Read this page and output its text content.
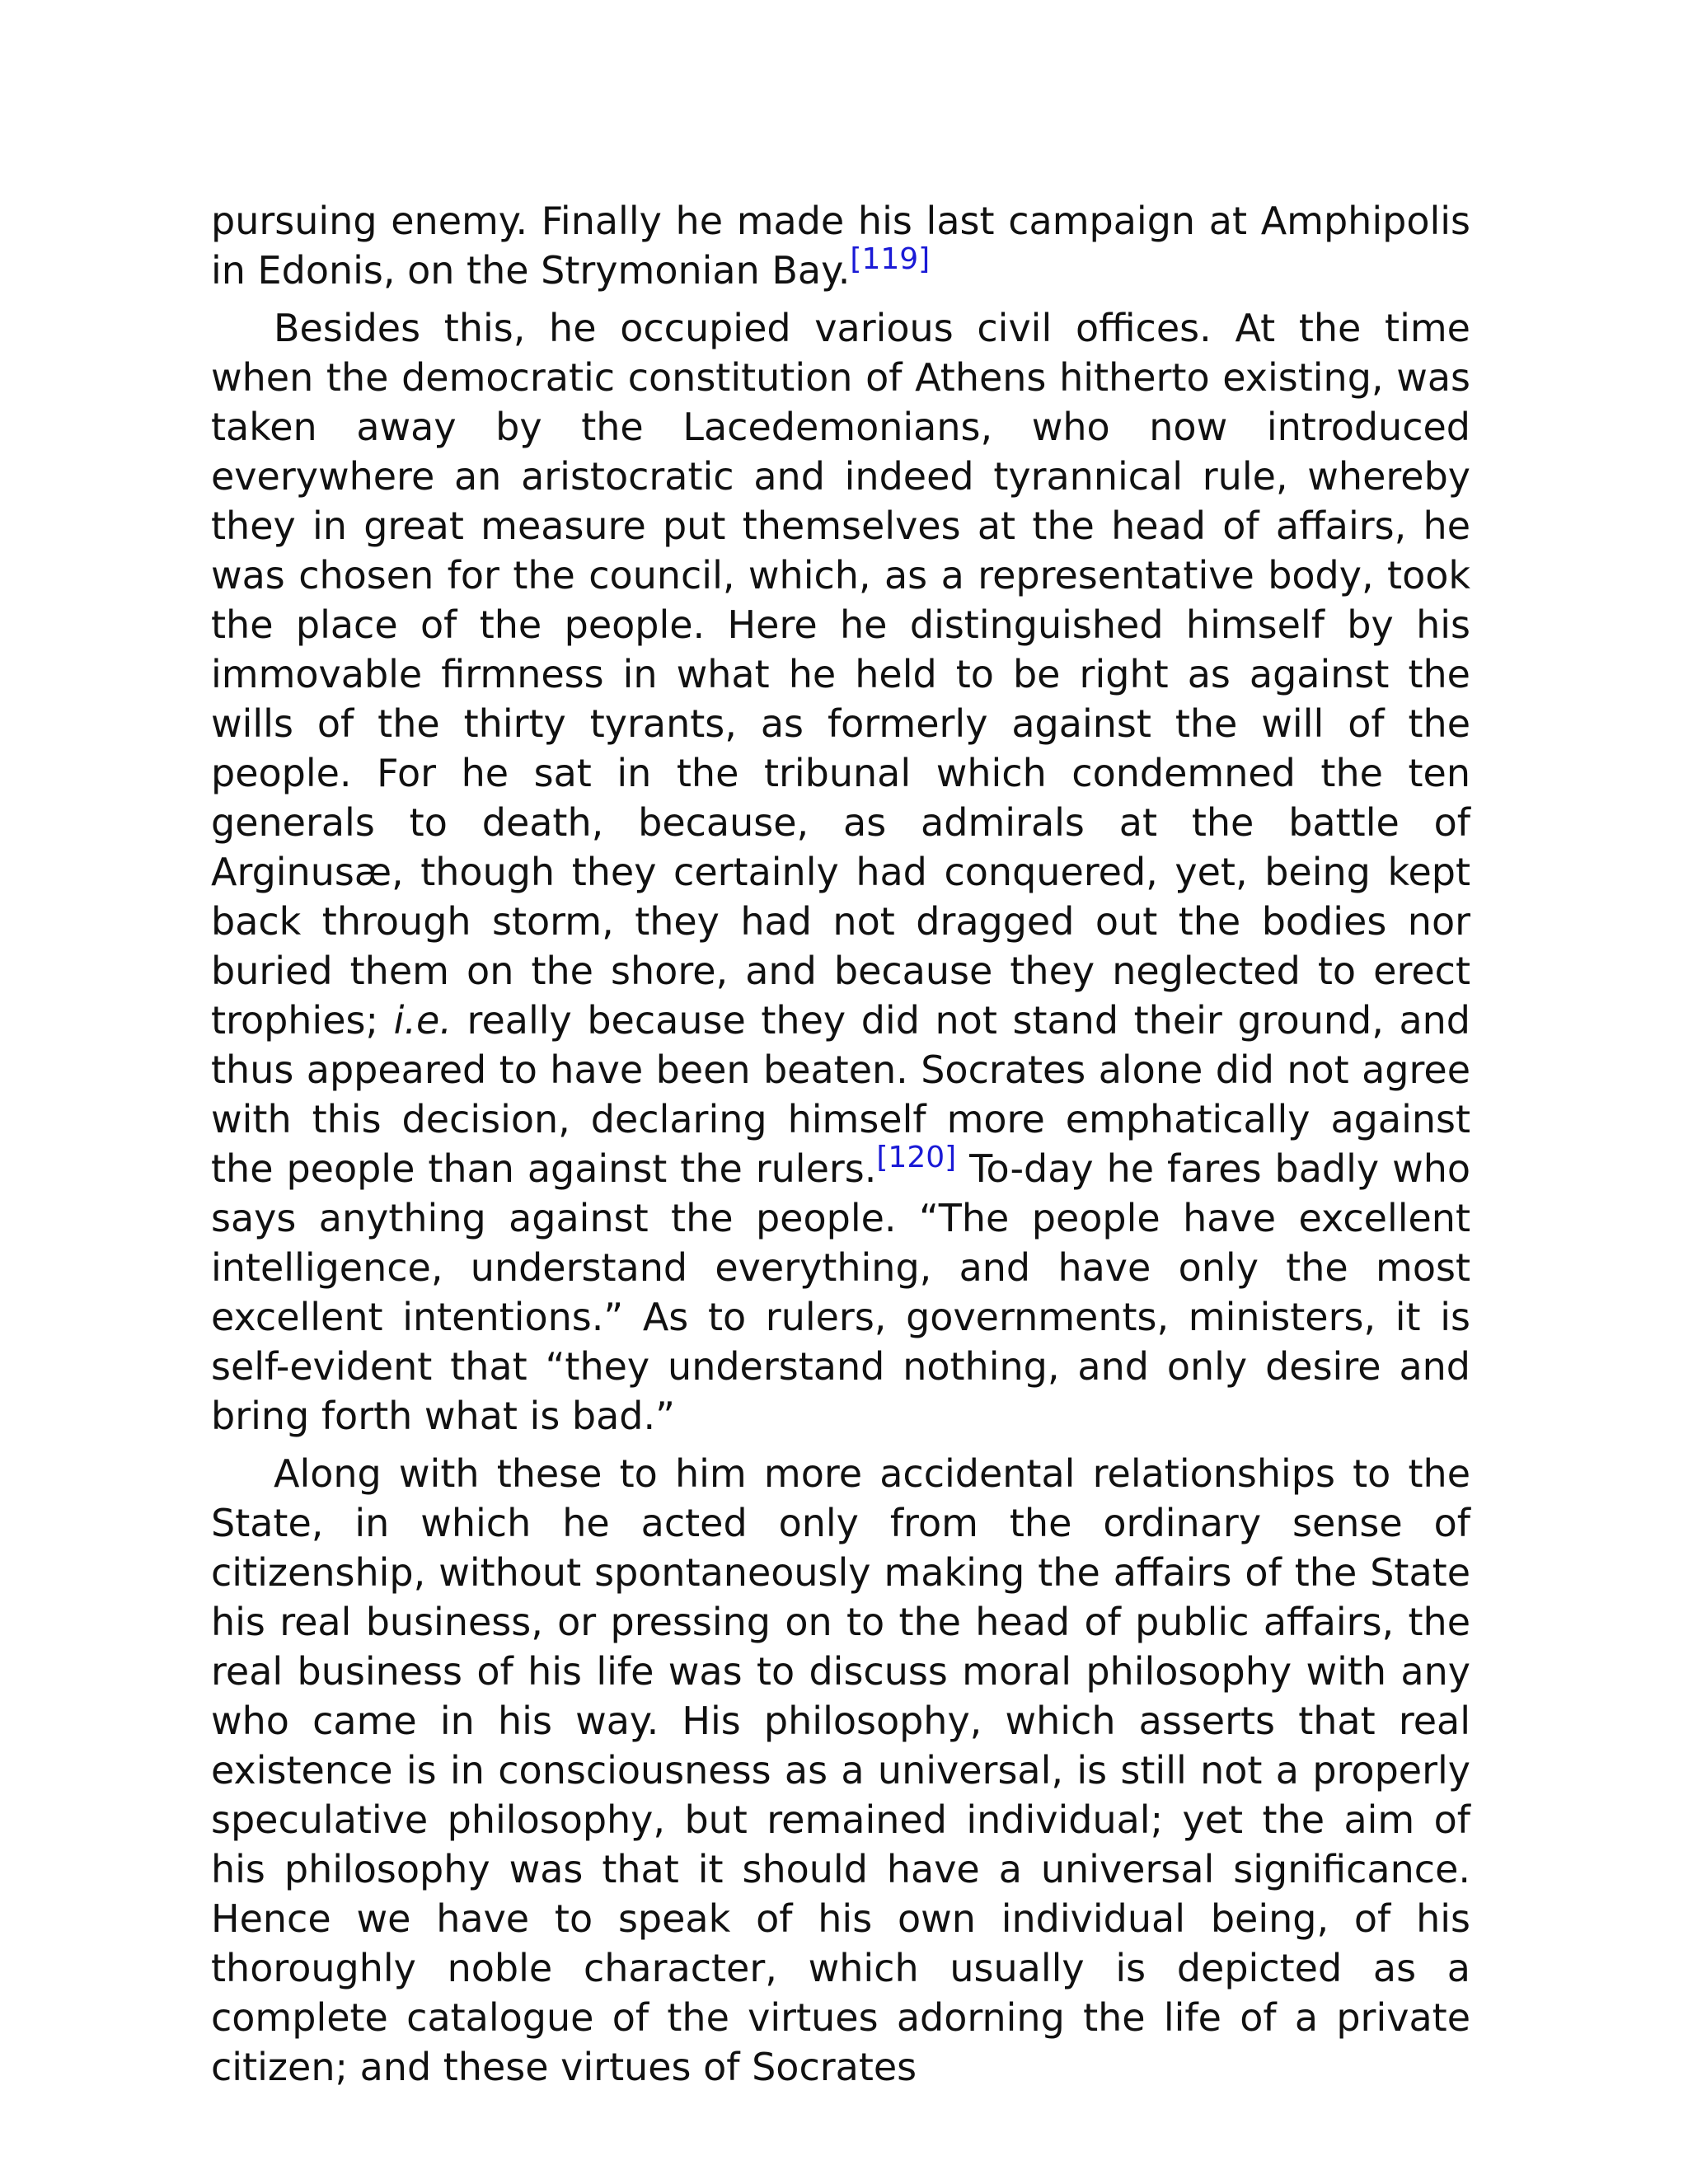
pursuing enemy. Finally he made his last campaign at Amphipolis in Edonis, on the Strymonian Bay.[119]

Besides this, he occupied various civil offices. At the time when the democratic constitution of Athens hitherto existing, was taken away by the Lacedemonians, who now introduced everywhere an aristocratic and indeed tyrannical rule, whereby they in great measure put themselves at the head of affairs, he was chosen for the council, which, as a representative body, took the place of the people. Here he distinguished himself by his immovable firmness in what he held to be right as against the wills of the thirty tyrants, as formerly against the will of the people. For he sat in the tribunal which condemned the ten generals to death, because, as admirals at the battle of Arginusæ, though they certainly had conquered, yet, being kept back through storm, they had not dragged out the bodies nor buried them on the shore, and because they neglected to erect trophies; i.e. really because they did not stand their ground, and thus appeared to have been beaten. Socrates alone did not agree with this decision, declaring himself more emphatically against the people than against the rulers.[120] To-day he fares badly who says anything against the people. “The people have excellent intelligence, understand everything, and have only the most excellent intentions.” As to rulers, governments, ministers, it is self-evident that “they understand nothing, and only desire and bring forth what is bad.”

Along with these to him more accidental relationships to the State, in which he acted only from the ordinary sense of citizenship, without spontaneously making the affairs of the State his real business, or pressing on to the head of public affairs, the real business of his life was to discuss moral philosophy with any who came in his way. His philosophy, which asserts that real existence is in consciousness as a universal, is still not a properly speculative philosophy, but remained individual; yet the aim of his philosophy was that it should have a universal significance. Hence we have to speak of his own individual being, of his thoroughly noble character, which usually is depicted as a complete catalogue of the virtues adorning the life of a private citizen; and these virtues of Socrates
